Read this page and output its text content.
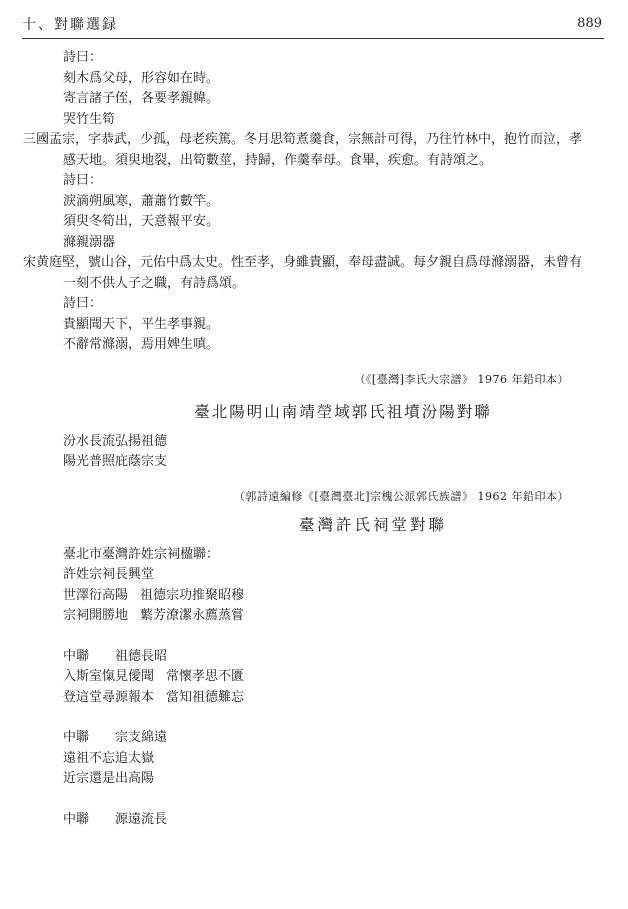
十、對聯選録	889
詩曰：
刻木爲父母，形容如在時。
寄言諸子侄，各要孝親幃。
哭竹生筍

三國孟宗，字恭武，少孤，母老疾篤。冬月思筍煮羹食，宗無計可得，乃往竹林中，抱竹而泣，孝感天地。須臾地裂，出筍數莖，持歸，作羹奉母。食畢，疾愈。有詩頌之。

詩曰：
淚滴朔風寒，蕭蕭竹數竿。
須臾冬筍出，天意報平安。
滌親溺器

宋黄庭堅，號山谷，元佑中爲太史。性至孝，身雖貴顯，奉母盡誠。每夕親自爲母滌溺器，未曾有一刻不供人子之職，有詩爲頌。

詩曰：
貴顯聞天下，平生孝事親。
不辭常滌溺，焉用婢生嗔。
（《[臺灣]李氏大宗譜》 1976 年鉛印本）
臺北陽明山南靖塋域郭氏祖墳汾陽對聯
汾水長流弘揚祖德
陽光普照庇蔭宗支
（郭詩遠編修《[臺灣臺北]宗槐公派郭氏族譜》 1962 年鉛印本）
臺灣許氏祠堂對聯
臺北市臺灣許姓宗祠楹聯：
許姓宗祠長興堂
世澤衍高陽 祖德宗功推聚昭穆
宗祠開勝地 蘩芳潦潔永薦蒸嘗
中聯 祖德長昭
入斯室愾見僾聞 常懷孝思不匱
登這堂尋源報本 當知祖德難忘
中聯 宗支綿遠
遠祖不忘追太嶽
近宗還是出高陽
中聯 源遠流長
